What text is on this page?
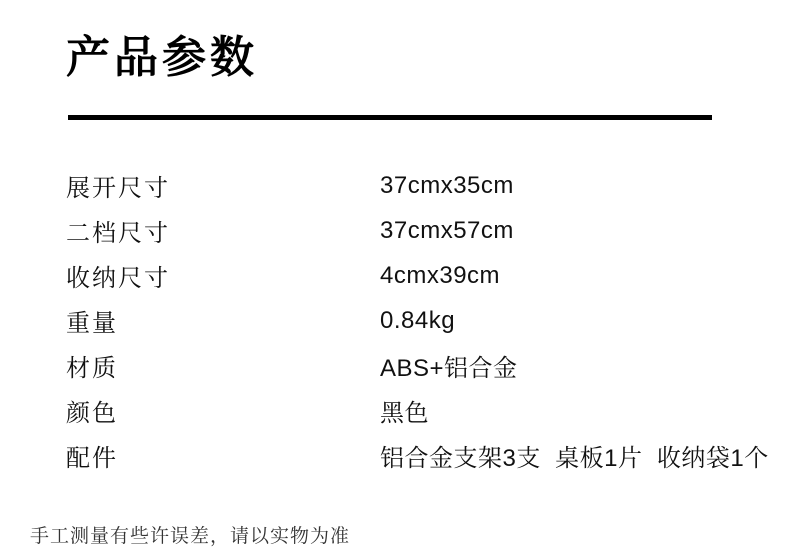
产品参数
展开尺寸	37cmx35cm
二档尺寸	37cmx57cm
收纳尺寸	4cmx39cm
重量	0.84kg
材质	ABS+铝合金
颜色	黑色
配件	铝合金支架3支  桌板1片  收纳袋1个
手工测量有些许误差，请以实物为准
